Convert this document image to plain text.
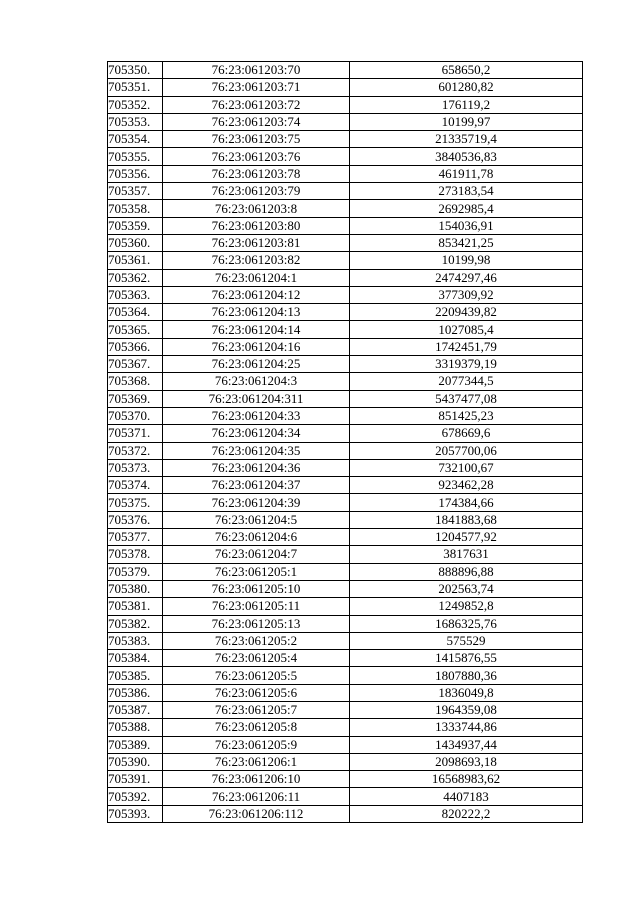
705350.	76:23:061203:70	658650,2
705351.	76:23:061203:71	601280,82
705352.	76:23:061203:72	176119,2
705353.	76:23:061203:74	10199,97
705354.	76:23:061203:75	21335719,4
705355.	76:23:061203:76	3840536,83
705356.	76:23:061203:78	461911,78
705357.	76:23:061203:79	273183,54
705358.	76:23:061203:8	2692985,4
705359.	76:23:061203:80	154036,91
705360.	76:23:061203:81	853421,25
705361.	76:23:061203:82	10199,98
705362.	76:23:061204:1	2474297,46
705363.	76:23:061204:12	377309,92
705364.	76:23:061204:13	2209439,82
705365.	76:23:061204:14	1027085,4
705366.	76:23:061204:16	1742451,79
705367.	76:23:061204:25	3319379,19
705368.	76:23:061204:3	2077344,5
705369.	76:23:061204:311	5437477,08
705370.	76:23:061204:33	851425,23
705371.	76:23:061204:34	678669,6
705372.	76:23:061204:35	2057700,06
705373.	76:23:061204:36	732100,67
705374.	76:23:061204:37	923462,28
705375.	76:23:061204:39	174384,66
705376.	76:23:061204:5	1841883,68
705377.	76:23:061204:6	1204577,92
705378.	76:23:061204:7	3817631
705379.	76:23:061205:1	888896,88
705380.	76:23:061205:10	202563,74
705381.	76:23:061205:11	1249852,8
705382.	76:23:061205:13	1686325,76
705383.	76:23:061205:2	575529
705384.	76:23:061205:4	1415876,55
705385.	76:23:061205:5	1807880,36
705386.	76:23:061205:6	1836049,8
705387.	76:23:061205:7	1964359,08
705388.	76:23:061205:8	1333744,86
705389.	76:23:061205:9	1434937,44
705390.	76:23:061206:1	2098693,18
705391.	76:23:061206:10	16568983,62
705392.	76:23:061206:11	4407183
705393.	76:23:061206:112	820222,2
